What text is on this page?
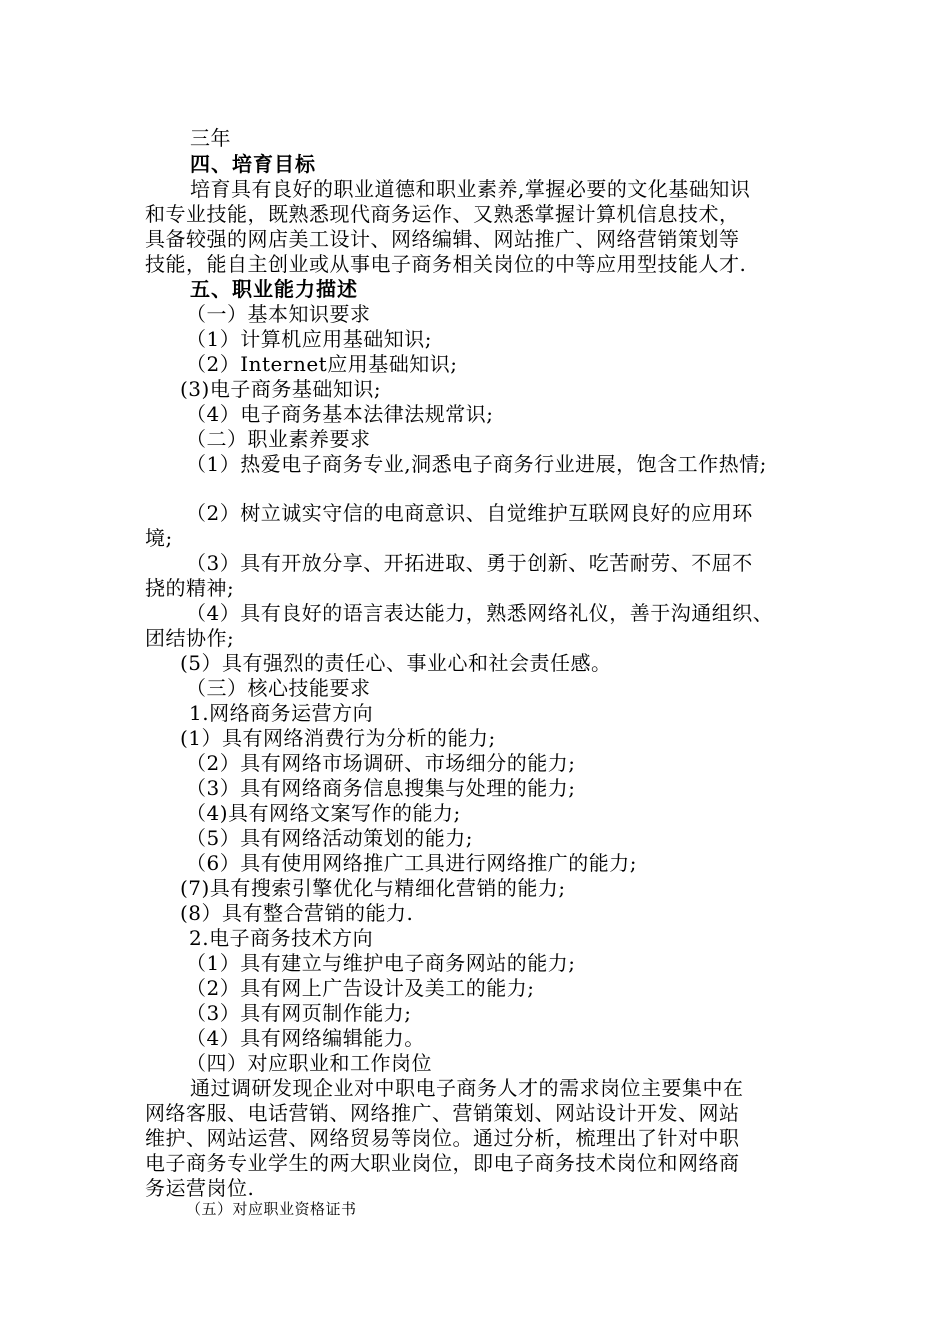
三年
四、培育目标
培育具有良好的职业道德和职业素养,掌握必要的文化基础知识
和专业技能，既熟悉现代商务运作、又熟悉掌握计算机信息技术，
具备较强的网店美工设计、网络编辑、网站推广、网络营销策划等
技能，能自主创业或从事电子商务相关岗位的中等应用型技能人才.
五、职业能力描述
（一）基本知识要求
（1）计算机应用基础知识;
（2）Internet应用基础知识;
(3)电子商务基础知识;
（4）电子商务基本法律法规常识;
（二）职业素养要求
（1）热爱电子商务专业,洞悉电子商务行业进展，饱含工作热情;
（2）树立诚实守信的电商意识、自觉维护互联网良好的应用环
境;
（3）具有开放分享、开拓进取、勇于创新、吃苦耐劳、不屈不
挠的精神;
（4）具有良好的语言表达能力，熟悉网络礼仪，善于沟通组织、
团结协作;
(5）具有强烈的责任心、事业心和社会责任感。
（三）核心技能要求
1.网络商务运营方向
(1）具有网络消费行为分析的能力;
（2）具有网络市场调研、市场细分的能力;
（3）具有网络商务信息搜集与处理的能力;
（4)具有网络文案写作的能力;
（5）具有网络活动策划的能力;
（6）具有使用网络推广工具进行网络推广的能力;
(7)具有搜索引擎优化与精细化营销的能力;
(8）具有整合营销的能力.
2.电子商务技术方向
（1）具有建立与维护电子商务网站的能力;
（2）具有网上广告设计及美工的能力;
（3）具有网页制作能力;
（4）具有网络编辑能力。
（四）对应职业和工作岗位
通过调研发现企业对中职电子商务人才的需求岗位主要集中在
网络客服、电话营销、网络推广、营销策划、网站设计开发、网站
维护、网站运营、网络贸易等岗位。通过分析，梳理出了针对中职
电子商务专业学生的两大职业岗位，即电子商务技术岗位和网络商
务运营岗位.
（五）对应职业资格证书
